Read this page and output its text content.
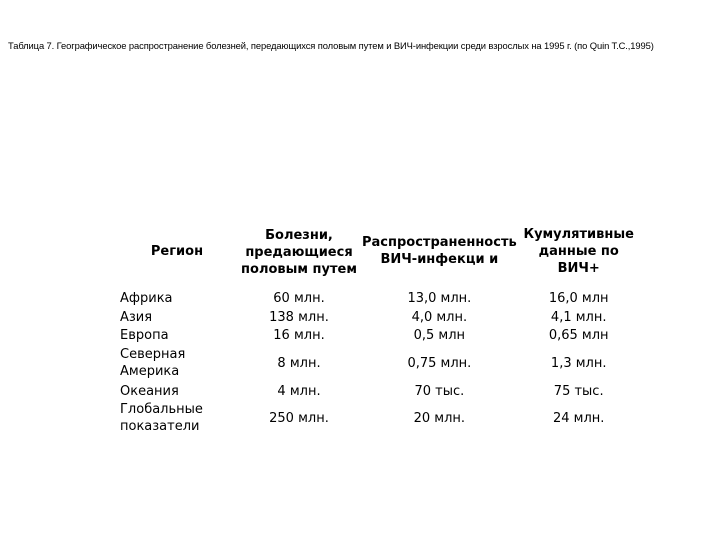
Таблица 7. Географическое распространение болезней, передающихся половым путем и ВИЧ-инфекции среди взрослых на 1995 г. (по Quin T.C.,1995)
Регион	Болезни, предающиеся половым путем	Распространенность ВИЧ-инфекци и	Кумулятивные данные по ВИЧ+
Африка	60 млн.	13,0 млн.	16,0 млн
Азия	138 млн.	4,0 млн.	4,1 млн.
Европа	16 млн.	0,5 млн	0,65 млн
Северная Америка	8 млн.	0,75 млн.	1,3 млн.
Океания	4 млн.	70 тыс.	75 тыс.
Глобальные показатели	250 млн.	20 млн.	24 млн.
